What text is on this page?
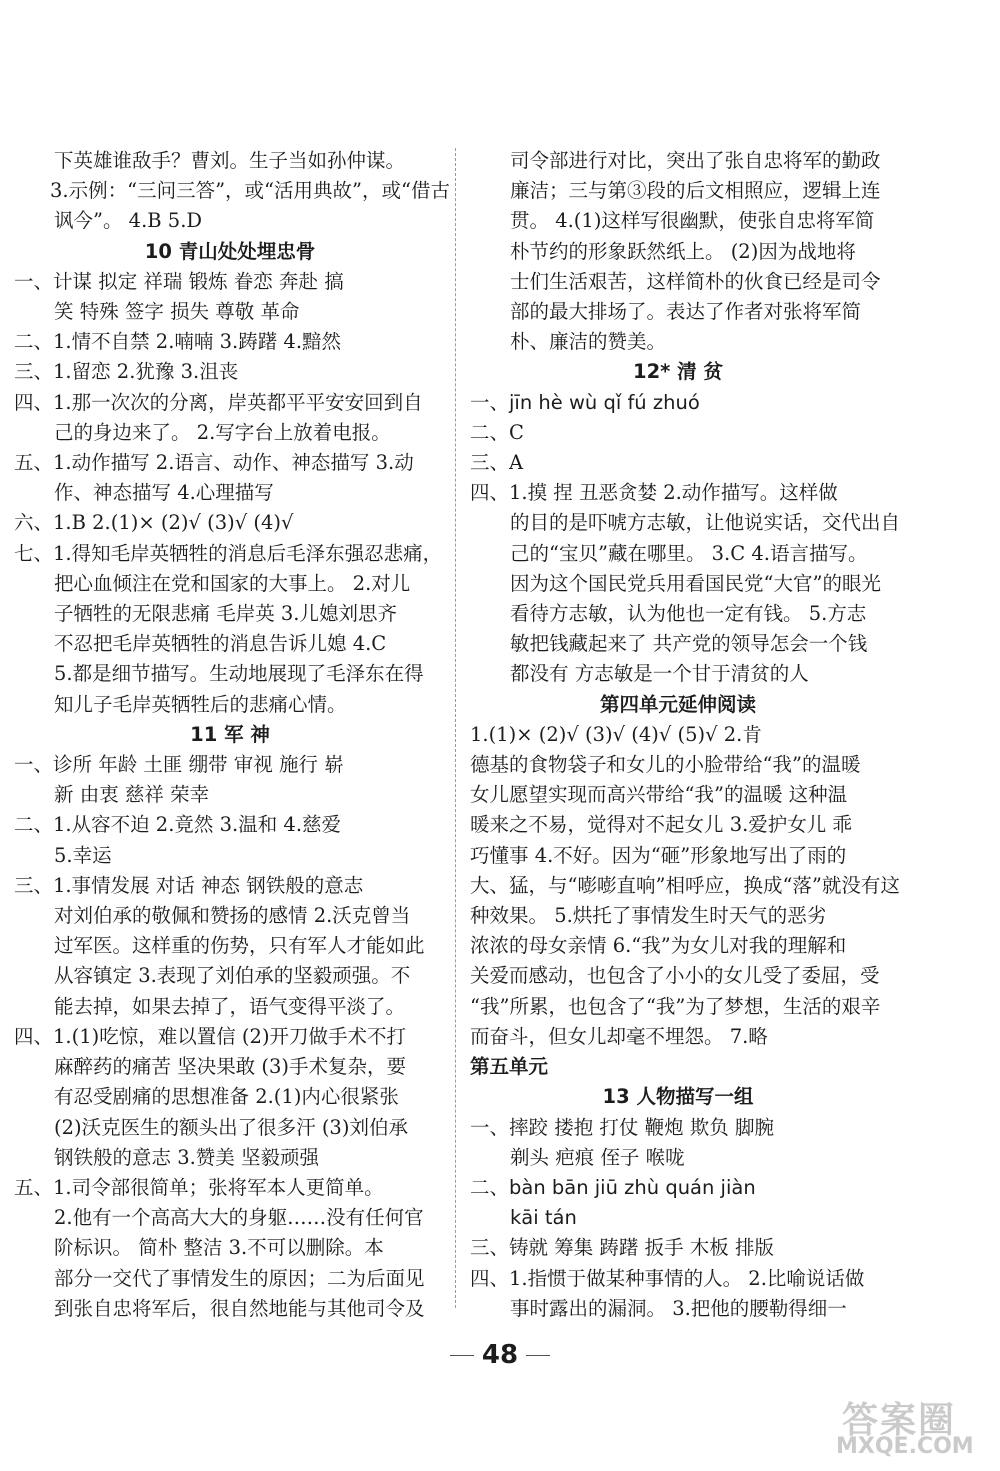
下英雄谁敌手？曹刘。生子当如孙仲谋。
3.示例：“三问三答”，或“活用典故”，或“借古
讽今”。 4.B 5.D
10 青山处处埋忠骨
一、计谋 拟定 祥瑞 锻炼 眷恋 奔赴 搞
笑 特殊 签字 损失 尊敬 革命
二、1.情不自禁 2.喃喃 3.踌躇 4.黯然
三、1.留恋 2.犹豫 3.沮丧
四、1.那一次次的分离，岸英都平平安安回到自
己的身边来了。 2.写字台上放着电报。
五、1.动作描写 2.语言、动作、神态描写 3.动
作、神态描写 4.心理描写
六、1.B 2.(1)× (2)√ (3)√ (4)√
七、1.得知毛岸英牺牲的消息后毛泽东强忍悲痛，
把心血倾注在党和国家的大事上。 2.对儿
子牺牲的无限悲痛 毛岸英 3.儿媳刘思齐
不忍把毛岸英牺牲的消息告诉儿媳 4.C
5.都是细节描写。生动地展现了毛泽东在得
知儿子毛岸英牺牲后的悲痛心情。
11 军 神
一、诊所 年龄 土匪 绷带 审视 施行 崭
新 由衷 慈祥 荣幸
二、1.从容不迫 2.竟然 3.温和 4.慈爱
5.幸运
三、1.事情发展 对话 神态 钢铁般的意志
对刘伯承的敬佩和赞扬的感情 2.沃克曾当
过军医。这样重的伤势，只有军人才能如此
从容镇定 3.表现了刘伯承的坚毅顽强。不
能去掉，如果去掉了，语气变得平淡了。
四、1.(1)吃惊，难以置信 (2)开刀做手术不打
麻醉药的痛苦 坚决果敢 (3)手术复杂，要
有忍受剧痛的思想准备 2.(1)内心很紧张
(2)沃克医生的额头出了很多汗 (3)刘伯承
钢铁般的意志 3.赞美 坚毅顽强
五、1.司令部很简单；张将军本人更简单。
2.他有一个高高大大的身躯……没有任何官
阶标识。 简朴 整洁 3.不可以删除。本
部分一交代了事情发生的原因；二为后面见
到张自忠将军后，很自然地能与其他司令及
司令部进行对比，突出了张自忠将军的勤政
廉洁；三与第③段的后文相照应，逻辑上连
贯。 4.(1)这样写很幽默，使张自忠将军简
朴节约的形象跃然纸上。 (2)因为战地将
士们生活艰苦，这样简朴的伙食已经是司令
部的最大排场了。表达了作者对张将军简
朴、廉洁的赞美。
12* 清 贫
一、jīn hè wù qǐ fú zhuó
二、C
三、A
四、1.摸 捏 丑恶贪婪 2.动作描写。这样做
的目的是吓唬方志敏，让他说实话，交代出自
己的“宝贝”藏在哪里。 3.C 4.语言描写。
因为这个国民党兵用看国民党“大官”的眼光
看待方志敏，认为他也一定有钱。 5.方志
敏把钱藏起来了 共产党的领导怎会一个钱
都没有 方志敏是一个甘于清贫的人
第四单元延伸阅读
1.(1)× (2)√ (3)√ (4)√ (5)√ 2.肯
德基的食物袋子和女儿的小脸带给“我”的温暖
女儿愿望实现而高兴带给“我”的温暖 这种温
暖来之不易，觉得对不起女儿 3.爱护女儿 乖
巧懂事 4.不好。因为“砸”形象地写出了雨的
大、猛，与“嘭嘭直响”相呼应，换成“落”就没有这
种效果。 5.烘托了事情发生时天气的恶劣
浓浓的母女亲情 6.“我”为女儿对我的理解和
关爱而感动，也包含了小小的女儿受了委屈，受
“我”所累，也包含了“我”为了梦想，生活的艰辛
而奋斗，但女儿却毫不埋怨。 7.略
第五单元
13 人物描写一组
一、摔跤 搂抱 打仗 鞭炮 欺负 脚腕
剃头 疤痕 侄子 喉咙
二、bàn bān jiū zhù quán jiàn
kāi tán
三、铸就 筹集 踌躇 扳手 木板 排版
四、1.指惯于做某种事情的人。 2.比喻说话做
事时露出的漏洞。 3.把他的腰勒得细一
48
答案圈
MXQE.COM
